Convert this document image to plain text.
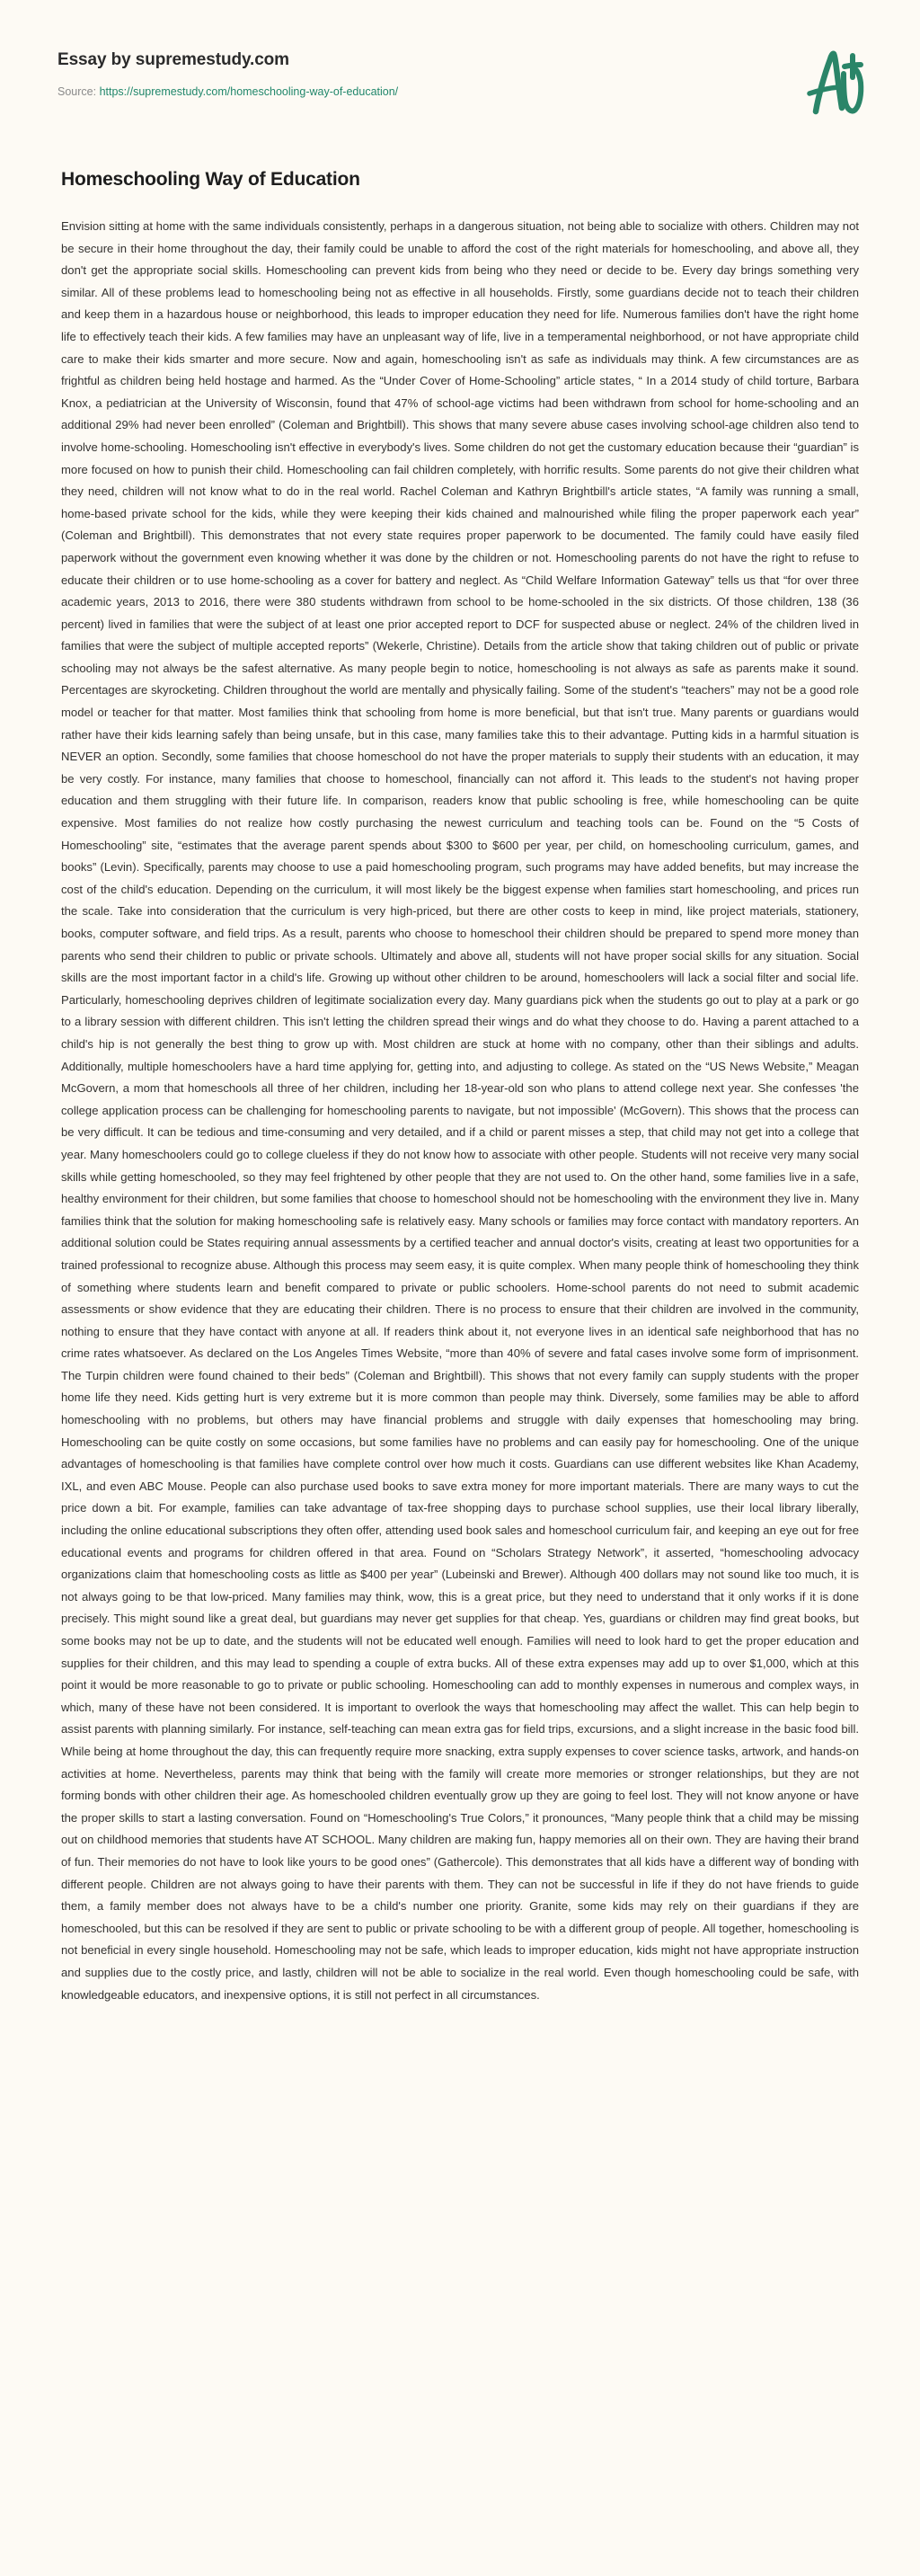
Essay by supremestudy.com
Source: https://supremestudy.com/homeschooling-way-of-education/
Homeschooling Way of Education

Envision sitting at home with the same individuals consistently, perhaps in a dangerous situation, not being able to socialize with others. Children may not be secure in their home throughout the day, their family could be unable to afford the cost of the right materials for homeschooling, and above all, they don't get the appropriate social skills. Homeschooling can prevent kids from being who they need or decide to be. Every day brings something very similar. All of these problems lead to homeschooling being not as effective in all households. Firstly, some guardians decide not to teach their children and keep them in a hazardous house or neighborhood, this leads to improper education they need for life. Numerous families don't have the right home life to effectively teach their kids. A few families may have an unpleasant way of life, live in a temperamental neighborhood, or not have appropriate child care to make their kids smarter and more secure. Now and again, homeschooling isn't as safe as individuals may think. A few circumstances are as frightful as children being held hostage and harmed. As the “Under Cover of Home-Schooling” article states, “ In a 2014 study of child torture, Barbara Knox, a pediatrician at the University of Wisconsin, found that 47% of school-age victims had been withdrawn from school for home-schooling and an additional 29% had never been enrolled” (Coleman and Brightbill). This shows that many severe abuse cases involving school-age children also tend to involve home-schooling. Homeschooling isn't effective in everybody's lives. Some children do not get the customary education because their “guardian” is more focused on how to punish their child. Homeschooling can fail children completely, with horrific results. Some parents do not give their children what they need, children will not know what to do in the real world. Rachel Coleman and Kathryn Brightbill's article states, “A family was running a small, home-based private school for the kids, while they were keeping their kids chained and malnourished while filing the proper paperwork each year” (Coleman and Brightbill). This demonstrates that not every state requires proper paperwork to be documented. The family could have easily filed paperwork without the government even knowing whether it was done by the children or not. Homeschooling parents do not have the right to refuse to educate their children or to use home-schooling as a cover for battery and neglect. As “Child Welfare Information Gateway” tells us that “for over three academic years, 2013 to 2016, there were 380 students withdrawn from school to be home-schooled in the six districts. Of those children, 138 (36 percent) lived in families that were the subject of at least one prior accepted report to DCF for suspected abuse or neglect. 24% of the children lived in families that were the subject of multiple accepted reports” (Wekerle, Christine). Details from the article show that taking children out of public or private schooling may not always be the safest alternative. As many people begin to notice, homeschooling is not always as safe as parents make it sound. Percentages are skyrocketing. Children throughout the world are mentally and physically failing. Some of the student's “teachers” may not be a good role model or teacher for that matter. Most families think that schooling from home is more beneficial, but that isn't true. Many parents or guardians would rather have their kids learning safely than being unsafe, but in this case, many families take this to their advantage. Putting kids in a harmful situation is NEVER an option. Secondly, some families that choose homeschool do not have the proper materials to supply their students with an education, it may be very costly. For instance, many families that choose to homeschool, financially can not afford it. This leads to the student's not having proper education and them struggling with their future life. In comparison, readers know that public schooling is free, while homeschooling can be quite expensive. Most families do not realize how costly purchasing the newest curriculum and teaching tools can be. Found on the “5 Costs of Homeschooling” site, “estimates that the average parent spends about $300 to $600 per year, per child, on homeschooling curriculum, games, and books” (Levin). Specifically, parents may choose to use a paid homeschooling program, such programs may have added benefits, but may increase the cost of the child's education. Depending on the curriculum, it will most likely be the biggest expense when families start homeschooling, and prices run the scale. Take into consideration that the curriculum is very high-priced, but there are other costs to keep in mind, like project materials, stationery, books, computer software, and field trips. As a result, parents who choose to homeschool their children should be prepared to spend more money than parents who send their children to public or private schools. Ultimately and above all, students will not have proper social skills for any situation. Social skills are the most important factor in a child's life. Growing up without other children to be around, homeschoolers will lack a social filter and social life. Particularly, homeschooling deprives children of legitimate socialization every day. Many guardians pick when the students go out to play at a park or go to a library session with different children. This isn't letting the children spread their wings and do what they choose to do. Having a parent attached to a child's hip is not generally the best thing to grow up with. Most children are stuck at home with no company, other than their siblings and adults. Additionally, multiple homeschoolers have a hard time applying for, getting into, and adjusting to college. As stated on the “US News Website,” Meagan McGovern, a mom that homeschools all three of her children, including her 18-year-old son who plans to attend college next year. She confesses 'the college application process can be challenging for homeschooling parents to navigate, but not impossible' (McGovern). This shows that the process can be very difficult. It can be tedious and time-consuming and very detailed, and if a child or parent misses a step, that child may not get into a college that year. Many homeschoolers could go to college clueless if they do not know how to associate with other people. Students will not receive very many social skills while getting homeschooled, so they may feel frightened by other people that they are not used to. On the other hand, some families live in a safe, healthy environment for their children, but some families that choose to homeschool should not be homeschooling with the environment they live in. Many families think that the solution for making homeschooling safe is relatively easy. Many schools or families may force contact with mandatory reporters. An additional solution could be States requiring annual assessments by a certified teacher and annual doctor's visits, creating at least two opportunities for a trained professional to recognize abuse. Although this process may seem easy, it is quite complex. When many people think of homeschooling they think of something where students learn and benefit compared to private or public schoolers. Home-school parents do not need to submit academic assessments or show evidence that they are educating their children. There is no process to ensure that their children are involved in the community, nothing to ensure that they have contact with anyone at all. If readers think about it, not everyone lives in an identical safe neighborhood that has no crime rates whatsoever. As declared on the Los Angeles Times Website, “more than 40% of severe and fatal cases involve some form of imprisonment. The Turpin children were found chained to their beds” (Coleman and Brightbill). This shows that not every family can supply students with the proper home life they need. Kids getting hurt is very extreme but it is more common than people may think. Diversely, some families may be able to afford homeschooling with no problems, but others may have financial problems and struggle with daily expenses that homeschooling may bring. Homeschooling can be quite costly on some occasions, but some families have no problems and can easily pay for homeschooling. One of the unique advantages of homeschooling is that families have complete control over how much it costs. Guardians can use different websites like Khan Academy, IXL, and even ABC Mouse. People can also purchase used books to save extra money for more important materials. There are many ways to cut the price down a bit. For example, families can take advantage of tax-free shopping days to purchase school supplies, use their local library liberally, including the online educational subscriptions they often offer, attending used book sales and homeschool curriculum fair, and keeping an eye out for free educational events and programs for children offered in that area. Found on “Scholars Strategy Network”, it asserted, “homeschooling advocacy organizations claim that homeschooling costs as little as $400 per year” (Lubeinski and Brewer). Although 400 dollars may not sound like too much, it is not always going to be that low-priced. Many families may think, wow, this is a great price, but they need to understand that it only works if it is done precisely. This might sound like a great deal, but guardians may never get supplies for that cheap. Yes, guardians or children may find great books, but some books may not be up to date, and the students will not be educated well enough. Families will need to look hard to get the proper education and supplies for their children, and this may lead to spending a couple of extra bucks. All of these extra expenses may add up to over $1,000, which at this point it would be more reasonable to go to private or public schooling. Homeschooling can add to monthly expenses in numerous and complex ways, in which, many of these have not been considered. It is important to overlook the ways that homeschooling may affect the wallet. This can help begin to assist parents with planning similarly. For instance, self-teaching can mean extra gas for field trips, excursions, and a slight increase in the basic food bill. While being at home throughout the day, this can frequently require more snacking, extra supply expenses to cover science tasks, artwork, and hands-on activities at home. Nevertheless, parents may think that being with the family will create more memories or stronger relationships, but they are not forming bonds with other children their age. As homeschooled children eventually grow up they are going to feel lost. They will not know anyone or have the proper skills to start a lasting conversation. Found on “Homeschooling's True Colors,” it pronounces, “Many people think that a child may be missing out on childhood memories that students have AT SCHOOL. Many children are making fun, happy memories all on their own. They are having their brand of fun. Their memories do not have to look like yours to be good ones” (Gathercole). This demonstrates that all kids have a different way of bonding with different people. Children are not always going to have their parents with them. They can not be successful in life if they do not have friends to guide them, a family member does not always have to be a child's number one priority. Granite, some kids may rely on their guardians if they are homeschooled, but this can be resolved if they are sent to public or private schooling to be with a different group of people. All together, homeschooling is not beneficial in every single household. Homeschooling may not be safe, which leads to improper education, kids might not have appropriate instruction and supplies due to the costly price, and lastly, children will not be able to socialize in the real world. Even though homeschooling could be safe, with knowledgeable educators, and inexpensive options, it is still not perfect in all circumstances.
